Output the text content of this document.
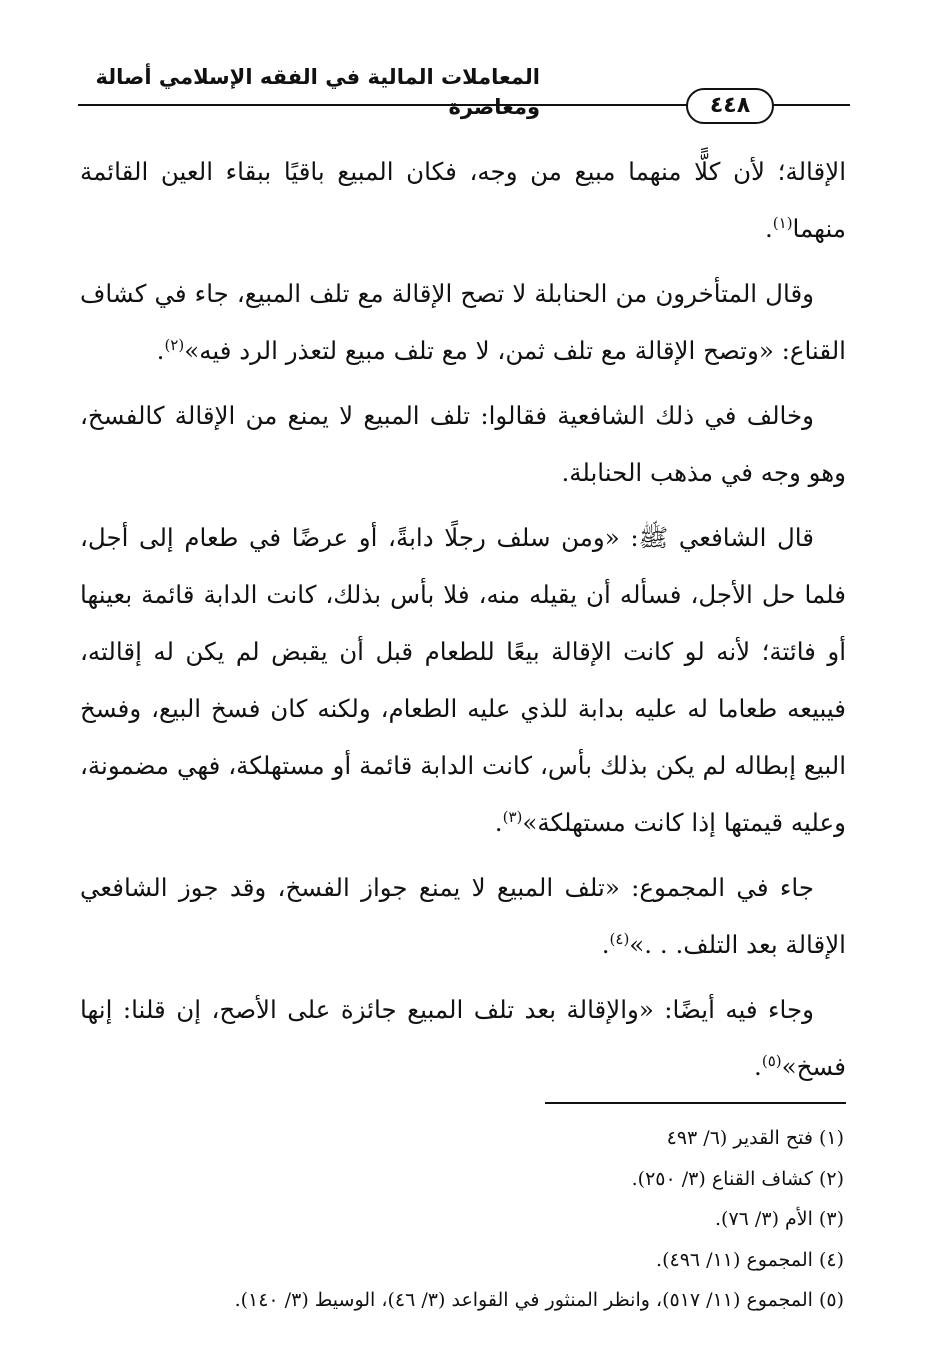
المعاملات المالية في الفقه الإسلامي أصالة ومعاصرة	٤٤٨

الإقالة؛ لأن كلًّا منهما مبيع من وجه، فكان المبيع باقيًا ببقاء العين القائمة منهما$^{(١)}$.

وقال المتأخرون من الحنابلة لا تصح الإقالة مع تلف المبيع، جاء في كشاف القناع: «وتصح الإقالة مع تلف ثمن، لا مع تلف مبيع لتعذر الرد فيه»$^{(٢)}$.

وخالف في ذلك الشافعية فقالوا: تلف المبيع لا يمنع من الإقالة كالفسخ، وهو وجه في مذهب الحنابلة.

قال الشافعي ﷺ: «ومن سلف رجلًا دابةً، أو عرضًا في طعام إلى أجل، فلما حل الأجل، فسأله أن يقيله منه، فلا بأس بذلك، كانت الدابة قائمة بعينها أو فائتة؛ لأنه لو كانت الإقالة بيعًا للطعام قبل أن يقبض لم يكن له إقالته، فيبيعه طعاما له عليه بدابة للذي عليه الطعام، ولكنه كان فسخ البيع، وفسخ البيع إبطاله لم يكن بذلك بأس، كانت الدابة قائمة أو مستهلكة، فهي مضمونة، وعليه قيمتها إذا كانت مستهلكة»$^{(٣)}$.

جاء في المجموع: «تلف المبيع لا يمنع جواز الفسخ، وقد جوز الشافعي الإقالة بعد التلف. . .»$^{(٤)}$.

وجاء فيه أيضًا: «والإقالة بعد تلف المبيع جائزة على الأصح، إن قلنا: إنها فسخ»$^{(٥)}$.

(١) فتح القدير (٦/ ٤٩٣

(٢) كشاف القناع (٣/ ٢٥٠).

(٣) الأم (٣/ ٧٦).

(٤) المجموع (١١/ ٤٩٦).

(٥) المجموع (١١/ ٥١٧)، وانظر المنثور في القواعد (٣/ ٤٦)، الوسيط (٣/ ١٤٠).
